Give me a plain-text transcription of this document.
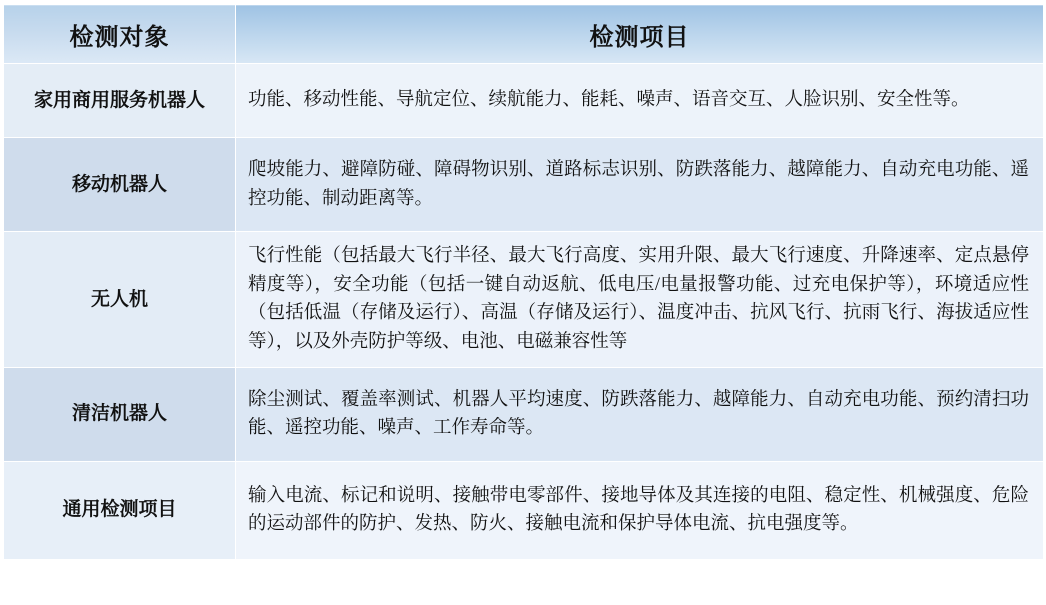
检测对象	检测项目
家用商用服务机器人	功能、移动性能、导航定位、续航能力、能耗、噪声、语音交互、人脸识别、安全性等。
移动机器人	爬坡能力、避障防碰、障碍物识别、道路标志识别、防跌落能力、越障能力、自动充电功能、遥控功能、制动距离等。
无人机	飞行性能（包括最大飞行半径、最大飞行高度、实用升限、最大飞行速度、升降速率、定点悬停精度等），安全功能（包括一键自动返航、低电压/电量报警功能、过充电保护等），环境适应性（包括低温（存储及运行）、高温（存储及运行）、温度冲击、抗风飞行、抗雨飞行、海拔适应性等），以及外壳防护等级、电池、电磁兼容性等
清洁机器人	除尘测试、覆盖率测试、机器人平均速度、防跌落能力、越障能力、自动充电功能、预约清扫功能、遥控功能、噪声、工作寿命等。
通用检测项目	输入电流、标记和说明、接触带电零部件、接地导体及其连接的电阻、稳定性、机械强度、危险的运动部件的防护、发热、防火、接触电流和保护导体电流、抗电强度等。
